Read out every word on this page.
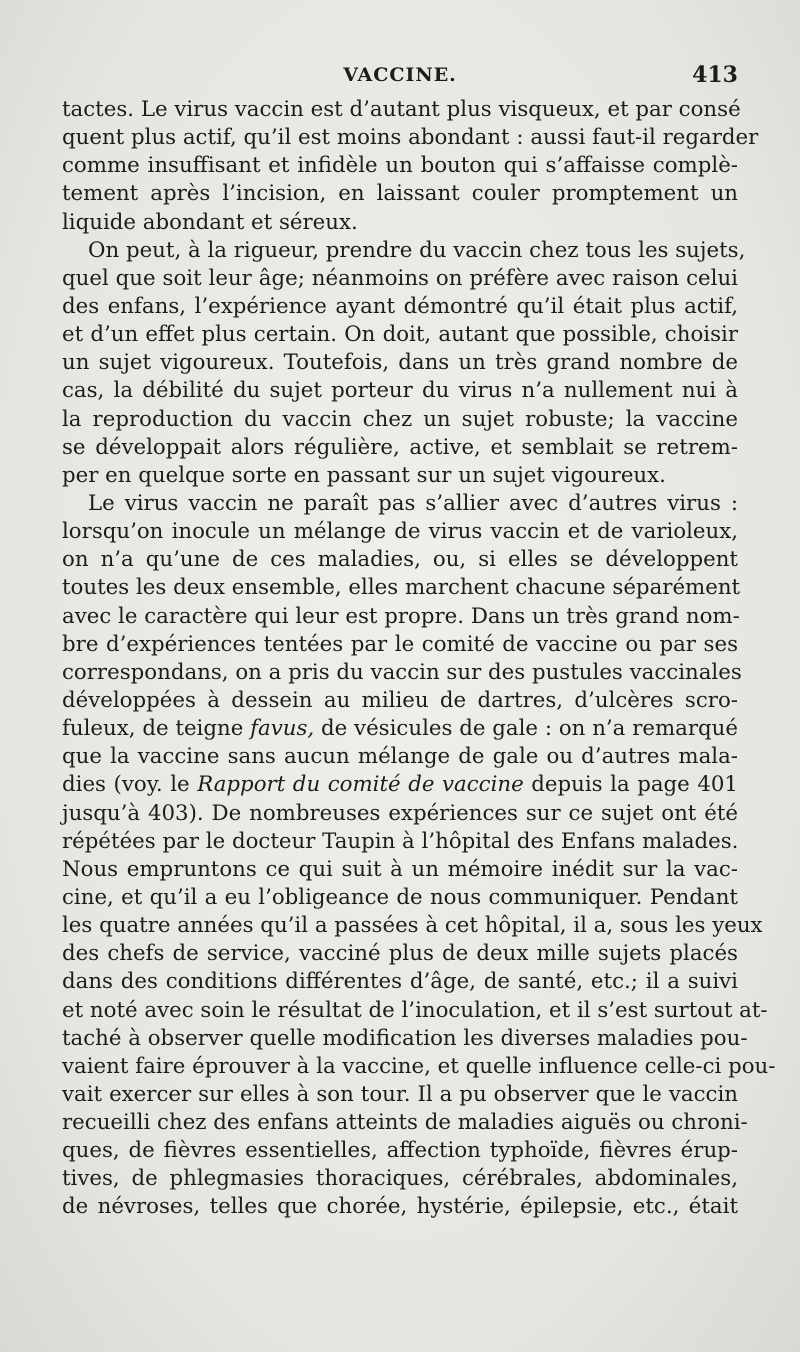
VACCINE.	413
tactes. Le virus vaccin est d’autant plus visqueux, et par consé
quent plus actif, qu’il est moins abondant : aussi faut-il regarder
comme insuffisant et infidèle un bouton qui s’affaisse complè-
tement après l’incision, en laissant couler promptement un
liquide abondant et séreux.
On peut, à la rigueur, prendre du vaccin chez tous les sujets,
quel que soit leur âge; néanmoins on préfère avec raison celui
des enfans, l’expérience ayant démontré qu’il était plus actif,
et d’un effet plus certain. On doit, autant que possible, choisir
un sujet vigoureux. Toutefois, dans un très grand nombre de
cas, la débilité du sujet porteur du virus n’a nullement nui à
la reproduction du vaccin chez un sujet robuste; la vaccine
se développait alors régulière, active, et semblait se retrem-
per en quelque sorte en passant sur un sujet vigoureux.
Le virus vaccin ne paraît pas s’allier avec d’autres virus :
lorsqu’on inocule un mélange de virus vaccin et de varioleux,
on n’a qu’une de ces maladies, ou, si elles se développent
toutes les deux ensemble, elles marchent chacune séparément
avec le caractère qui leur est propre. Dans un très grand nom-
bre d’expériences tentées par le comité de vaccine ou par ses
correspondans, on a pris du vaccin sur des pustules vaccinales
développées à dessein au milieu de dartres, d’ulcères scro-
fuleux, de teigne favus, de vésicules de gale : on n’a remarqué
que la vaccine sans aucun mélange de gale ou d’autres mala-
dies (voy. le Rapport du comité de vaccine depuis la page 401
jusqu’à 403). De nombreuses expériences sur ce sujet ont été
répétées par le docteur Taupin à l’hôpital des Enfans malades.
Nous empruntons ce qui suit à un mémoire inédit sur la vac-
cine, et qu’il a eu l’obligeance de nous communiquer. Pendant
les quatre années qu’il a passées à cet hôpital, il a, sous les yeux
des chefs de service, vacciné plus de deux mille sujets placés
dans des conditions différentes d’âge, de santé, etc.; il a suivi
et noté avec soin le résultat de l’inoculation, et il s’est surtout at-
taché à observer quelle modification les diverses maladies pou-
vaient faire éprouver à la vaccine, et quelle influence celle-ci pou-
vait exercer sur elles à son tour. Il a pu observer que le vaccin
recueilli chez des enfans atteints de maladies aiguës ou chroni-
ques, de fièvres essentielles, affection typhoïde, fièvres érup-
tives, de phlegmasies thoraciques, cérébrales, abdominales,
de névroses, telles que chorée, hystérie, épilepsie, etc., était
